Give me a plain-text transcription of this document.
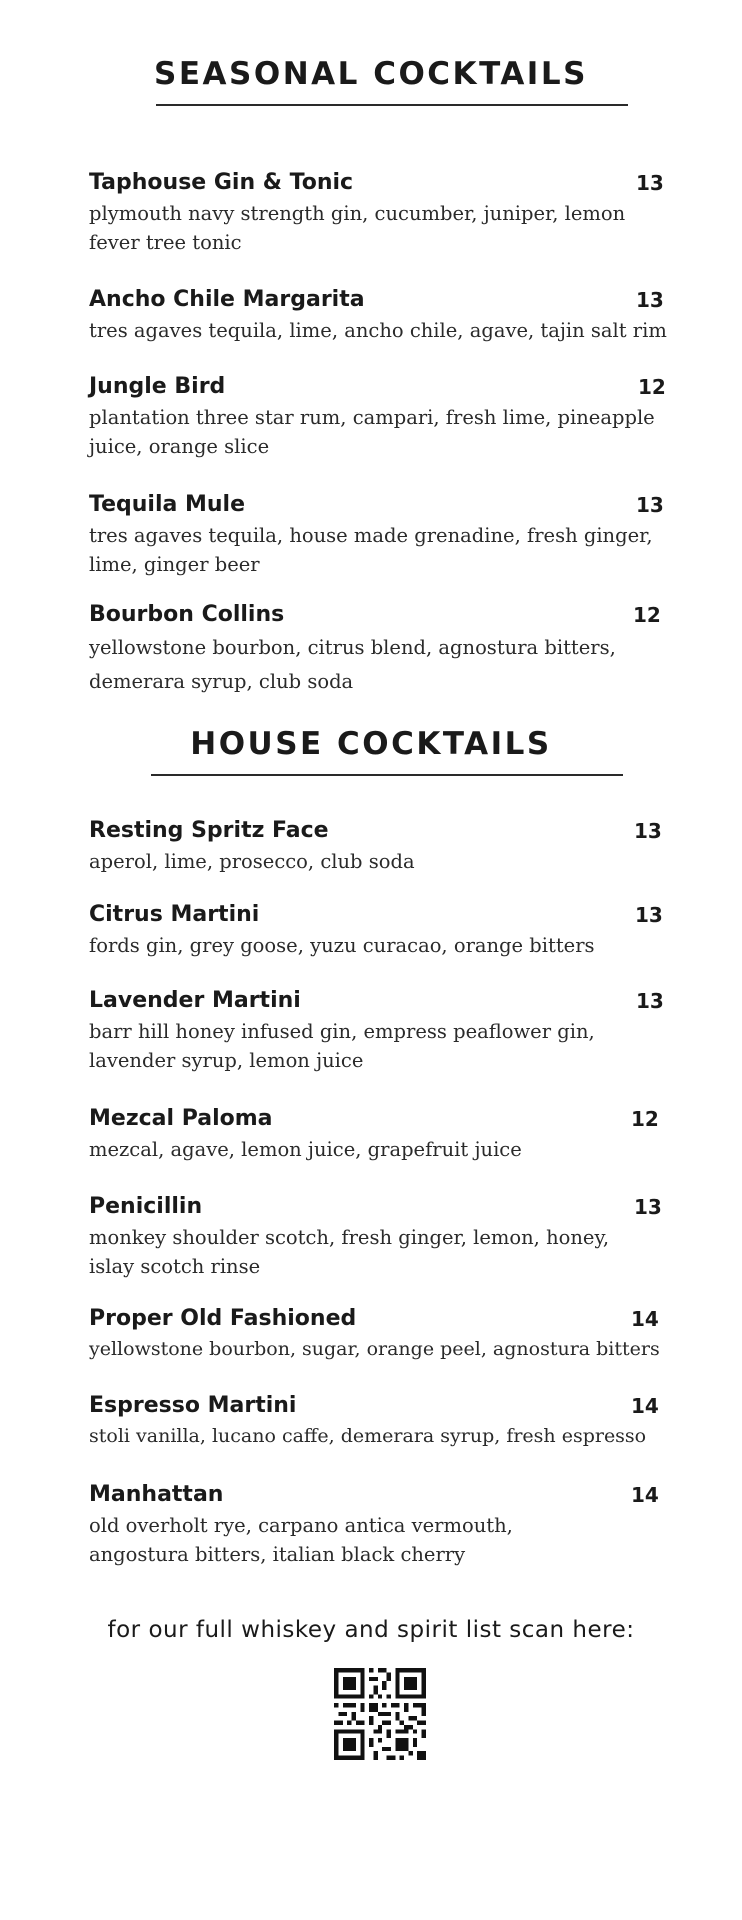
SEASONAL COCKTAILS
Taphouse Gin & Tonic	13

plymouth navy strength gin, cucumber, juniper, lemon
fever tree tonic

Ancho Chile Margarita	13

tres agaves tequila, lime, ancho chile, agave, tajin salt rim

Jungle Bird	12

plantation three star rum, campari, fresh lime, pineapple
juice, orange slice

Tequila Mule	13

tres agaves tequila, house made grenadine, fresh ginger,
lime, ginger beer

Bourbon Collins	12

yellowstone bourbon, citrus blend, agnostura bitters,
demerara syrup, club soda

HOUSE COCKTAILS
Resting Spritz Face	13

aperol, lime, prosecco, club soda

Citrus Martini	13

fords gin, grey goose, yuzu curacao, orange bitters

Lavender Martini	13

barr hill honey infused gin, empress peaflower gin,
lavender syrup, lemon juice

Mezcal Paloma	12

mezcal, agave, lemon juice, grapefruit juice

Penicillin	13

monkey shoulder scotch, fresh ginger, lemon, honey,
islay scotch rinse

Proper Old Fashioned	14

yellowstone bourbon, sugar, orange peel, agnostura bitters

Espresso Martini	14

stoli vanilla, lucano caffe, demerara syrup, fresh espresso

Manhattan	14

old overholt rye, carpano antica vermouth,
angostura bitters, italian black cherry

for our full whiskey and spirit list scan here:
